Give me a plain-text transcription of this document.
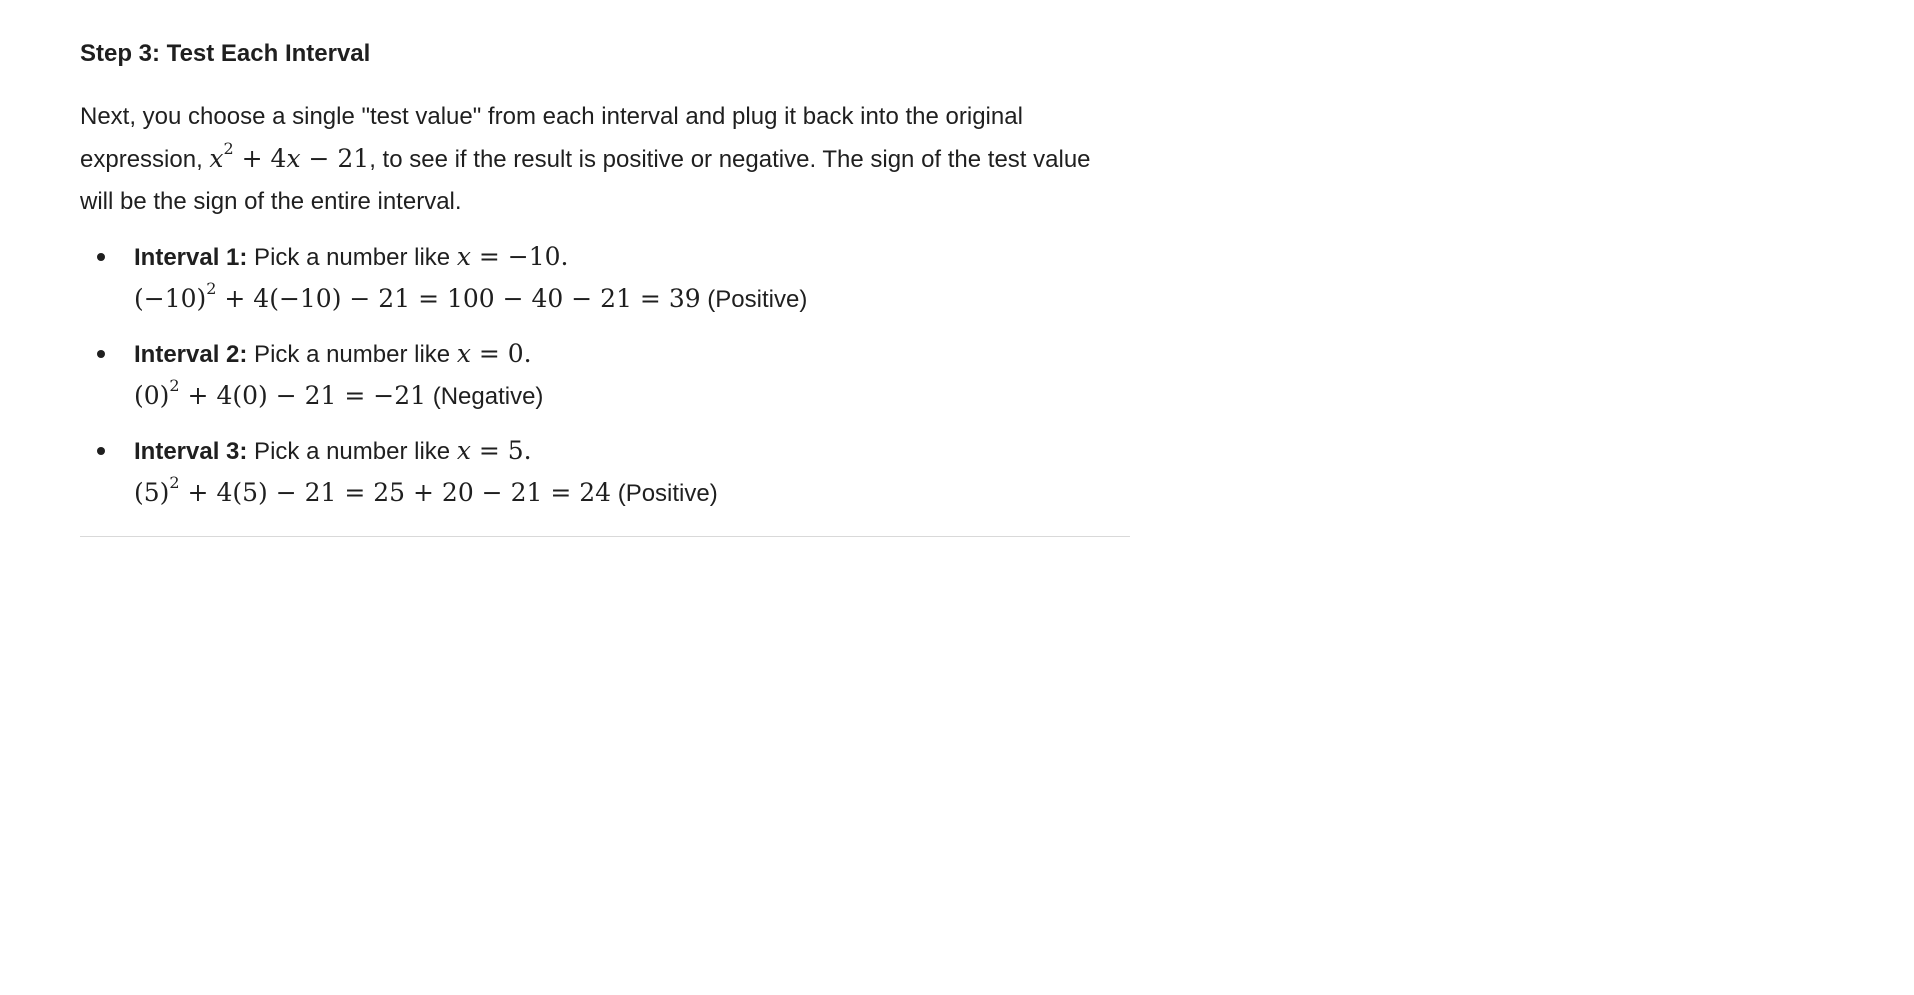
Step 3: Test Each Interval

Next, you choose a single "test value" from each interval and plug it back into the original expression, $x^2 + 4x - 21$, to see if the result is positive or negative. The sign of the test value will be the sign of the entire interval.

Interval 1: Pick a number like x = −10.
$(-10)^2 + 4(-10) - 21 = 100 - 40 - 21 = 39$ (Positive)
Interval 2: Pick a number like x = 0.
$(0)^2 + 4(0) - 21 = -21$ (Negative)
Interval 3: Pick a number like x = 5.
$(5)^2 + 4(5) - 21 = 25 + 20 - 21 = 24$ (Positive)
